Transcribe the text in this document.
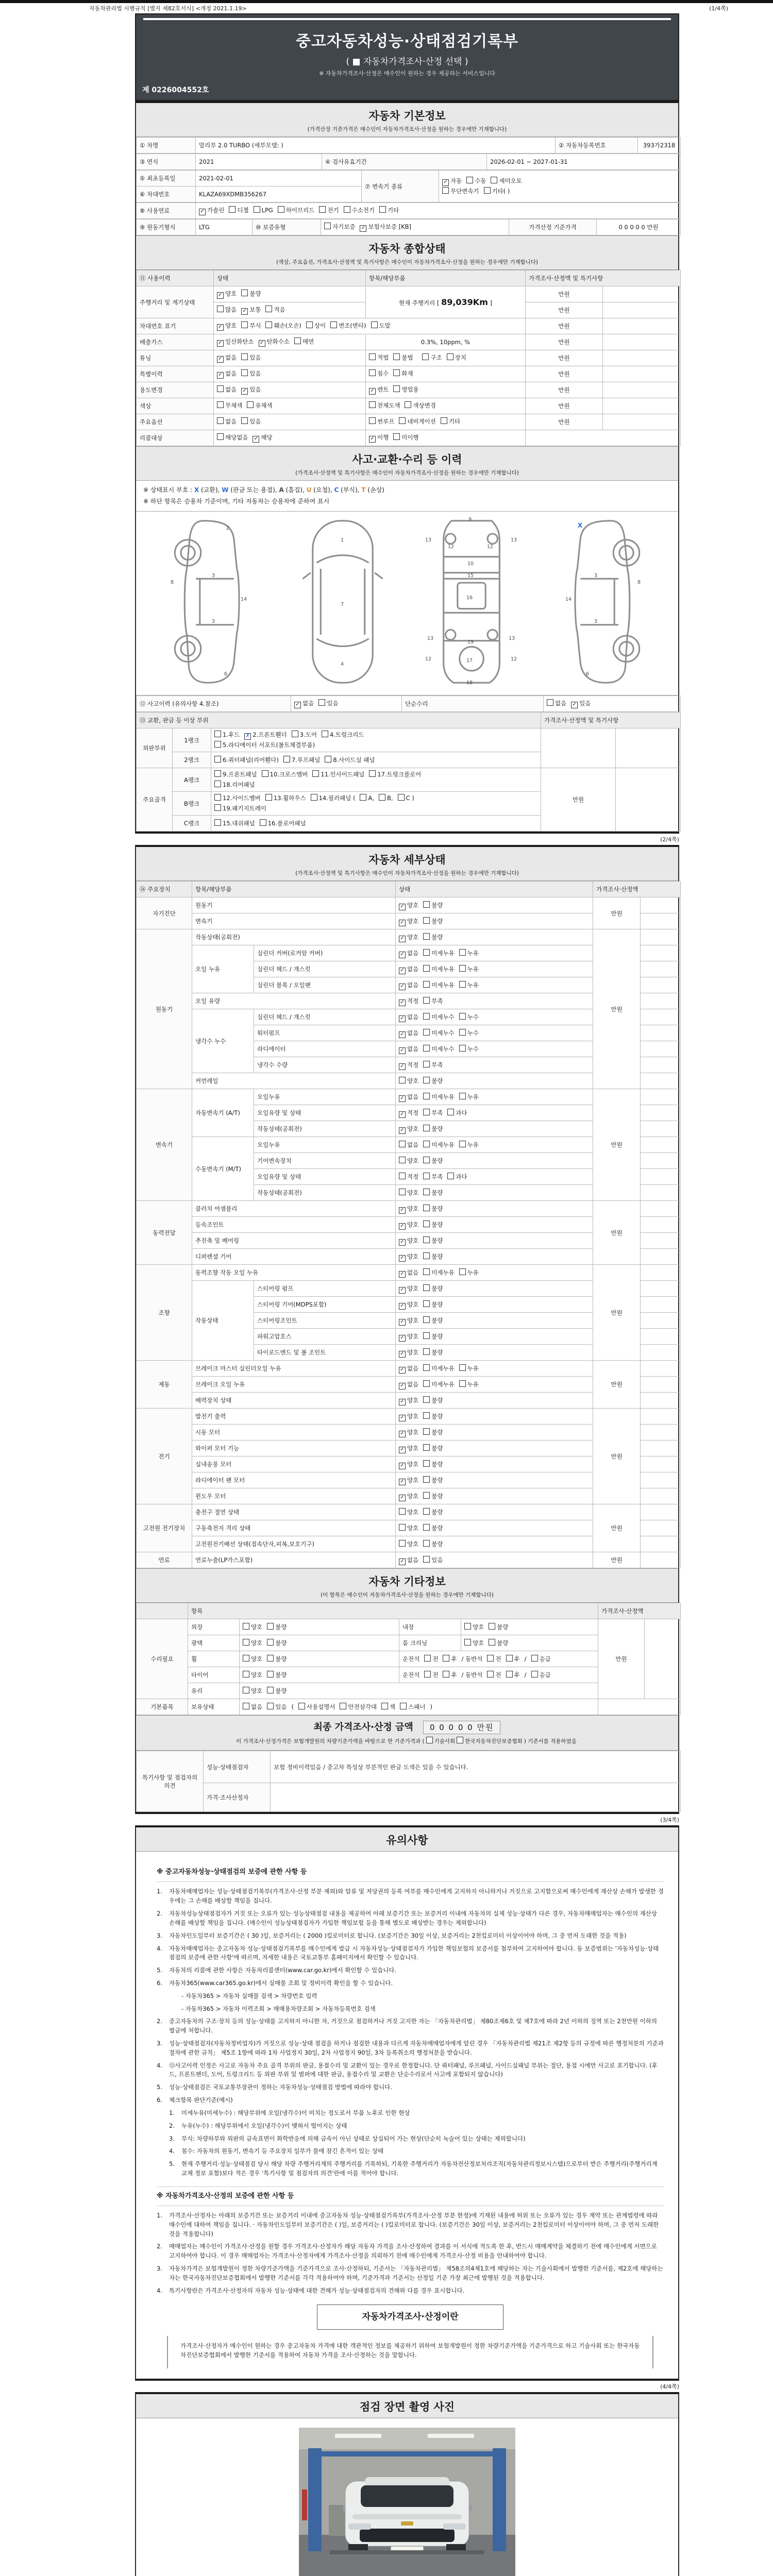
자동차관리법 시행규칙 [별지 제82호서식] <개정 2021.1.19>	(1/4쪽)
중고자동차성능·상태점검기록부
( ■ 자동차가격조사·산정 선택 )
※ 자동차가격조사·산정은 매수인이 원하는 경우 제공하는 서비스입니다
제 0226004552호
자동차 기본정보
(가격산정 기준가격은 매수인이 자동차가격조사·산정을 원하는 경우에만 기재합니다)
① 차명	말리부 2.0 TURBO (세부모델: )	② 자동차등록번호	393가2318
③ 연식	2021	④ 검사유효기간	2026-02-01 ~ 2027-01-31
⑤ 최초등록일	2021-02-01	⑦ 변속기 종류	✓ 자동 수동 세미오토
무단변속기 기타( )
⑥ 차대번호	KLAZA69XDMB356267		
⑧ 사용연료	✓ 가솔린 디젤 LPG 하이브리드 전기 수소전기 기타
⑨ 원동기형식	LTG	⑩ 보증유형	자기보증 ✓ 보험사보증 [KB]	가격산정 기준가격	0 0 0 0 0 만원
자동차 종합상태
(색상, 주요옵션, 가격조사·산정액 및 특기사항은 매수인이 자동차가격조사·산정을 원하는 경우에만 기재합니다)
⑪ 사용이력	상태	항목/해당부품	가격조사·산정액 및 특기사항	
주행거리 및 계기상태	✓ 양호 불량	현재 주행거리 [ 89,039Km ]	만원	
	많음 ✓ 보통 적음		만원	
차대번호 표기	✓ 양호 부식 훼손(오손) 상이 변조(변타) 도말		만원	
배출가스	✓ 일산화탄소 ✓ 탄화수소 매연	0.3%, 10ppm, %	만원	
튜닝	✓ 없음 있음	적법 불법 구조 장치	만원	
특별이력	✓ 없음 있음	침수 화재	만원	
용도변경	없음 ✓ 있음	✓ 렌트 영업용	만원	
색상	무채색 유채색	전체도색 색상변경	만원	
주요옵션	없음 있음	썬루프 네비게이션 기타	만원	
리콜대상	해당없음 ✓ 해당	✓ 이행 미이행		
사고·교환·수리 등 이력
(가격조사·산정액 및 특기사항은 매수인이 자동차가격조사·산정을 원하는 경우에만 기재합니다)
※ 상태표시 부호 : X (교환), W (판금 또는 용접), A (흠집), U (요철), C (부식), T (손상)
※ 하단 항목은 승용차 기준이며, 기타 자동차는 승용차에 준하여 표시
2
8
3
14
3
6
1
7
4
9
13
12	12
13
10
15
16
13
19
13
12	17	12
18
X
3
8
14
3
6
⑫ 사고이력 (유의사항 4.참조)	✓ 없음 있음	단순수리	없음 ✓ 있음
⑬ 교환, 판금 등 이상 부위			가격조사·산정액 및 특기사항	
외판부위	1랭크	1.후드 ✗ 2.프론트휀더 3.도어 4.트렁크리드
5.라디에이터 서포트(볼트체결부품)		
	2랭크	6.쿼터패널(리어휀다) 7.루프패널 8.사이드실 패널		
주요골격	A랭크	9.프론트패널 10.크로스멤버 11.인사이드패널 17.트렁크플로어
18.리어패널	만원	
	B랭크	12.사이드멤버 13.휠하우스 14.필러패널 ( A, B, C )
19.패키지트레이		
	C랭크	15.대쉬패널 16.플로어패널		
(2/4쪽)
자동차 세부상태
(가격조사·산정액 및 특기사항은 매수인이 자동차가격조사·산정을 원하는 경우에만 기재합니다)
⑭ 주요장치	항목/해당부품		상태	가격조사·산정액	
자기진단	원동기		✓ 양호 불량	만원	
	변속기		✓ 양호 불량		
원동기	작동상태(공회전)		✓ 양호 불량	만원	
	오일 누유	실린더 커버(로커암 커버)	✓ 없음 미세누유 누유		
		실린더 헤드 / 개스킷	✓ 없음 미세누유 누유		
		실린더 블록 / 오일팬	✓ 없음 미세누유 누유		
	오일 유량		✓ 적정 부족		
	냉각수 누수	실린더 헤드 / 개스킷	✓ 없음 미세누수 누수		
		워터펌프	✓ 없음 미세누수 누수		
		라디에이터	✓ 없음 미세누수 누수		
		냉각수 수량	✓ 적정 부족		
	커먼레일		양호 불량		
변속기	자동변속기 (A/T)	오일누유	✓ 없음 미세누유 누유	만원	
		오일유량 및 상태	✓ 적정 부족 과다		
		작동상태(공회전)	✓ 양호 불량		
	수동변속기 (M/T)	오일누유	없음 미세누유 누유		
		기어변속장치	양호 불량		
		오일유량 및 상태	적정 부족 과다		
		작동상태(공회전)	양호 불량		
동력전달	클러치 어셈블리		✓ 양호 불량	만원	
	등속조인트		✓ 양호 불량		
	추진축 및 베어링		✓ 양호 불량		
	디퍼렌셜 기어		✓ 양호 불량		
조향	동력조향 작동 오일 누유		✓ 없음 미세누유 누유	만원	
	작동상태	스티어링 펌프	✓ 양호 불량		
		스티어링 기어(MDPS포함)	✓ 양호 불량		
		스티어링조인트	✓ 양호 불량		
		파워고압호스	✓ 양호 불량		
		타이로드엔드 및 볼 조인트	✓ 양호 불량		
제동	브레이크 마스터 실린더오일 누유		✓ 없음 미세누유 누유	만원	
	브레이크 오일 누유		✓ 없음 미세누유 누유		
	배력장치 상태		✓ 양호 불량		
전기	발전기 출력		✓ 양호 불량	만원	
	시동 모터		✓ 양호 불량		
	와이퍼 모터 기능		✓ 양호 불량		
	실내송풍 모터		✓ 양호 불량		
	라디에이터 팬 모터		✓ 양호 불량		
	윈도우 모터		✓ 양호 불량		
고전원 전기장치	충전구 절연 상태		양호 불량	만원	
	구동축전지 격리 상태		양호 불량		
	고전원전기배선 상태(접속단자,피복,보호기구)		양호 불량		
연료	연료누출(LP가스포함)		✓ 없음 있음	만원	
자동차 기타정보
(이 항목은 매수인이 자동차가격조사·산정을 원하는 경우에만 기재합니다)
	항목				가격조사·산정액	
수리필요	외장	양호 불량	내장	양호 불량	만원	
	광택	양호 불량	룸 크리닝	양호 불량		
	휠	양호 불량	운전석 전 후 / 동반석 전 후 / 응급			
	타이어	양호 불량	운전석 전 후 / 동반석 전 후 / 응급			
	유리	양호 불량				
기본품목	보유상태	없음 있음 ( 사용설명서 안전삼각대 잭 스패너 )				
최종 가격조사·산정 금액 0 0 0 0 0 만원
이 가격조사·산정가격은 보험개발원의 차량기준가액을 바탕으로 한 기준가격과 ( 기술사회 한국자동차진단보증협회 ) 기준서를 적용하였음
특기사항 및 점검자의 의견	성능·상태점검자	보험 정비이력있음 / 중고차 특성상 부분적인 판금 도색은 있을 수 있습니다.
	가격·조사산정자	
(3/4쪽)
유의사항
※ 중고자동차성능·상태점검의 보증에 관한 사항 등
1.	자동차매매업자는 성능·상태점검기록부(가격조사·산정 부분 제외)와 압류 및 저당권의 등록 여부를 매수인에게 고지하지 아니하거나 거짓으로 고지함으로써 매수인에게 재산상 손해가 발생한 경우에는 그 손해를 배상할 책임을 집니다.
2.	자동차성능상태점검자가 거짓 또는 오류가 있는 성능상태점검 내용을 제공하여 아래 보증기간 또는 보증거리 이내에 자동차의 실제 성능·상태가 다른 경우, 자동차매매업자는 매수인의 재산상 손해를 배상할 책임을 집니다. (매수인이 성능상태점검자가 가입한 책임보험 등을 통해 별도로 배상받는 경우는 제외합니다)
3.	자동차인도일부터 보증기간은 ( 30 )일, 보증거리는 ( 2000 )킬로미터로 합니다. (보증기간은 30일 이상, 보증거리는 2천킬로미터 이상이어야 하며, 그 중 먼저 도래한 것을 적용)
4.	자동차매매업자는 중고자동차 성능·상태점검기록부를 매수인에게 발급 시 자동차성능·상태점검자가 가입한 책임보험의 보증서를 첨부하여 고지하여야 합니다. 동 보증범위는 '자동차성능·상태점검의 보증에 관한 사항'에 따르며, 자세한 내용은 국토교통부 홈페이지에서 확인할 수 있습니다.
5.	자동차의 리콜에 관한 사항은 자동차리콜센터(www.car.go.kr)에서 확인할 수 있습니다.
6.	자동차365(www.car365.go.kr)에서 실매물 조회 및 정비이력 확인을 할 수 있습니다.
- 자동차365 > 자동차 실매물 검색 > 차량번호 입력
- 자동차365 > 자동차 이력조회 > 매매용차량조회 > 자동차등록번호 검색
2.	중고자동차의 구조·장치 등의 성능·상태를 고지하지 아니한 자, 거짓으로 점검하거나 거짓 고지한 자는 「자동차관리법」 제80조제6호 및 제7호에 따라 2년 이하의 징역 또는 2천만원 이하의 벌금에 처합니다.
3.	성능·상태점검자(자동차정비업자)가 거짓으로 성능·상태 점검을 하거나 점검한 내용과 다르게 자동차매매업자에게 알린 경우 「자동차관리법 제21조 제2항 등의 규정에 따른 행정처분의 기준과 절차에 관한 규칙」 제5조 1항에 따라 1차 사업정지 30일, 2차 사업정지 90일, 3차 등록취소의 행정처분을 받습니다.
4.	⑫사고이력 인정은 사고로 자동차 주요 골격 부위의 판금, 용접수리 및 교환이 있는 경우로 한정합니다. 단 쿼터패널, 루프패널, 사이드실패널 부위는 절단, 용접 시에만 사고로 표기합니다. (후드, 프론트펜더, 도어, 트렁크리드 등 외판 부위 및 범퍼에 대한 판금, 용접수리 및 교환은 단순수리로서 사고에 포함되지 않습니다)
5.	성능·상태점검은 국토교통부장관이 정하는 자동차성능·상태점검 방법에 따라야 합니다.
6.	체크항목 판단기준(예시)
1.	미세누유(미세누수) : 해당부위에 오일(냉각수)이 비치는 정도로서 부품 노후로 인한 현상
2.	누유(누수) : 해당부위에서 오일(냉각수)이 맺혀서 떨어지는 상태
3.	부식: 차량하부와 외판의 금속표면이 화학반응에 의해 금속이 아닌 상태로 상실되어 가는 현상(단순히 녹슬어 있는 상태는 제외합니다)
4.	침수: 자동차의 원동기, 변속기 등 주요장치 일부가 물에 잠긴 흔적이 있는 상태
5.	현재 주행거리·성능·상태점검 당시 해당 차량 주행거리계의 주행거리를 기록하되, 기록한 주행거리가 자동차전산정보처리조직(자동차관리정보시스템)으로부터 받은 주행거리(주행거리계 교체 정보 포함)보다 적은 경우 '특기사항 및 점검자의 의견'란에 이를 적어야 합니다.
※ 자동차가격조사·산정의 보증에 관한 사항 등
1.	가격조사·산정자는 아래의 보증기간 또는 보증거리 이내에 중고자동차 성능·상태점검기록부(가격조사·산정 부분 한정)에 기재된 내용에 허위 또는 오류가 있는 경우 계약 또는 관계법령에 따라 매수인에 대하여 책임을 집니다. · 자동차인도일부터 보증기간은 ( )일, 보증거리는 ( )킬로미터로 합니다. (보증기간은 30일 이상, 보증거리는 2천킬로미터 이상이어야 하며, 그 중 먼저 도래한 것을 적용합니다)
2.	매매업자는 매수인이 가격조사·산정을 원할 경우 가격조사·산정자가 해당 자동차 가격을 조사·산정하여 결과를 이 서식에 적도록 한 후, 반드시 매매계약을 체결하기 전에 매수인에게 서면으로 고지하여야 합니다. 이 경우 매매업자는 가격조사·산정자에게 가격조사·산정을 의뢰하기 전에 매수인에게 가격조사·산정 비용을 안내하여야 합니다.
3.	자동차가격은 보험개발원이 정한 차량기준가액을 기준가격으로 조사·산정하되, 기준서는 「자동차관리법」 제58조의4제1호에 해당하는 자는 기술사회에서 발행한 기준서를, 제2호에 해당하는 자는 한국자동차진단보증협회에서 발행한 기준서를 각각 적용하여야 하며, 기준가격과 기준서는 산정일 기준 가장 최근에 발행된 것을 적용합니다.
4.	특기사항란은 가격조사·산정자의 자동차 성능·상태에 대한 견해가 성능·상태점검자의 견해와 다를 경우 표시합니다.
자동차가격조사·산정이란
가격조사·산정자가 매수인이 원하는 경우 중고자동차 가격에 대한 객관적인 정보를 제공하기 위하여 보험개발원이 정한 차량기준가액을 기준가격으로 하고 기술사회 또는 한국자동차진단보증협회에서 발행한 기준서를 적용하여 자동차 가격을 조사·산정하는 것을 말합니다.
(4/4쪽)
점검 장면 촬영 사진
